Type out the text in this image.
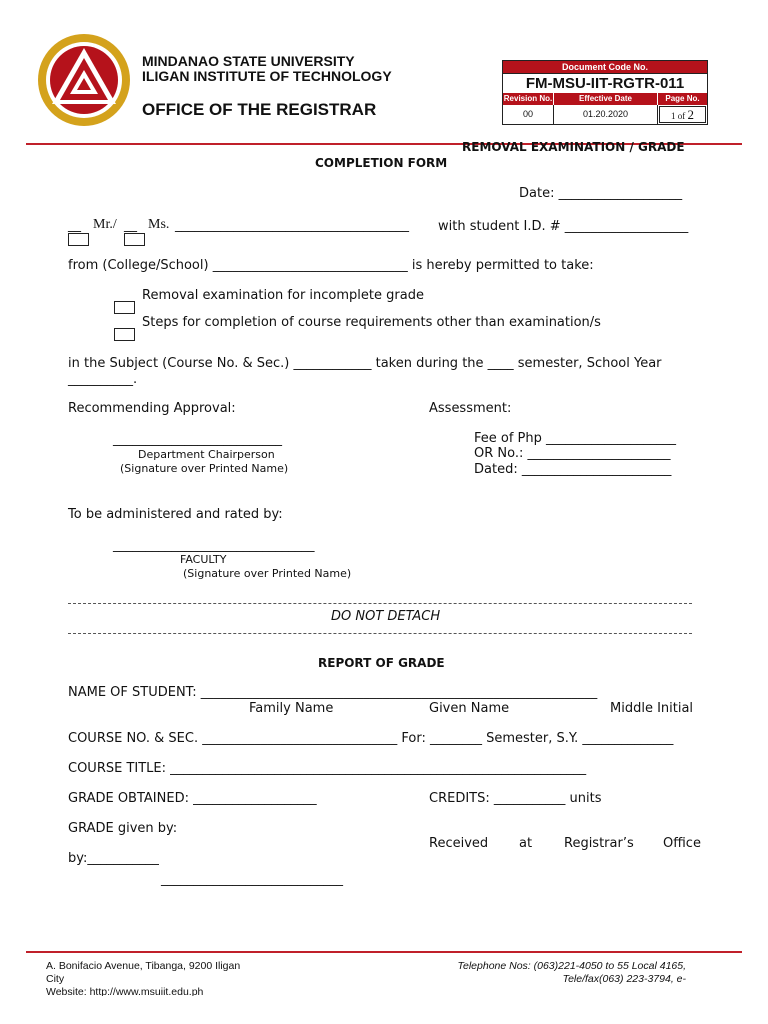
MINDANAO STATE UNIVERSITY
ILIGAN INSTITUTE OF TECHNOLOGY
OFFICE OF THE REGISTRAR
Document Code No.
FM-MSU-IIT-RGTR-011
Revision No.	Effective Date	Page No.
00	01.20.2020	1 of 2
REMOVAL EXAMINATION / GRADE
COMPLETION FORM
Date: ___________________
__ Mr./ __ Ms. ____________________________________ with student I.D. # ___________________
from (College/School) ______________________________ is hereby permitted to take:
Removal examination for incomplete grade
Steps for completion of course requirements other than examination/s
in the Subject (Course No. & Sec.) ____________ taken during the ____ semester, School Year
__________.
Recommending Approval:	Assessment:
__________________________
Department Chairperson
(Signature over Printed Name)
Fee of Php ____________________
OR No.: ______________________
Dated: _______________________
To be administered and rated by:
_______________________________
FACULTY
(Signature over Printed Name)
DO NOT DETACH
REPORT OF GRADE
NAME OF STUDENT: _____________________________________________________________
Family Name	Given Name	Middle Initial
COURSE NO. & SEC. ______________________________ For: ________ Semester, S.Y. ______________
COURSE TITLE: ________________________________________________________________
GRADE OBTAINED: ___________________	CREDITS: ___________ units
GRADE given by:
Received at Registrar’s Office
by:___________
____________________________
A. Bonifacio Avenue, Tibanga, 9200 Iligan
City
Website: http://www.msuiit.edu.ph
Telephone Nos: (063)221-4050 to 55 Local 4165,
Tele/fax(063) 223-3794, e-
